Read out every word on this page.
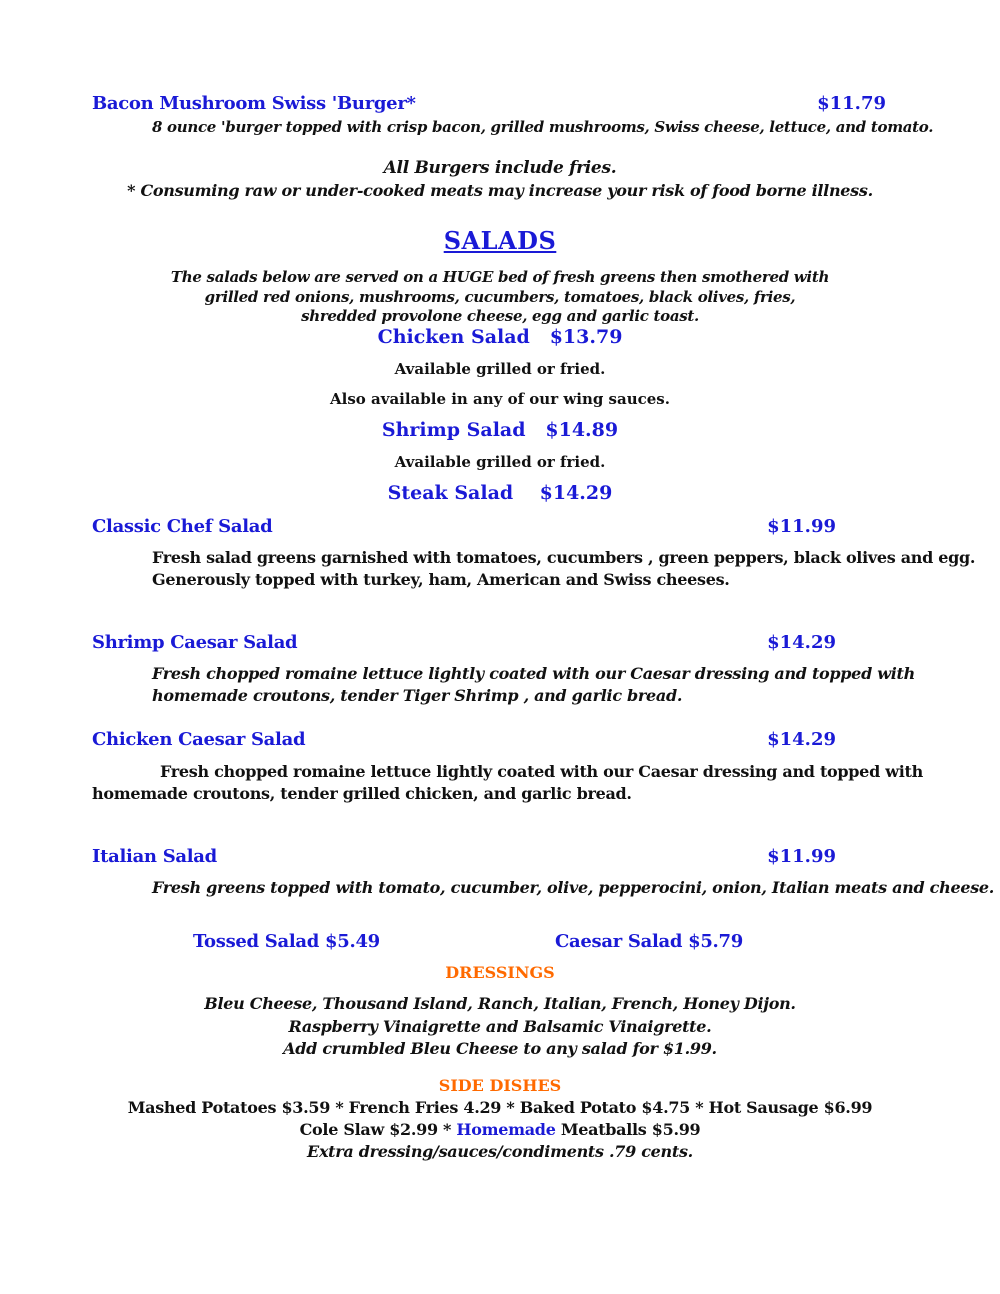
Bacon Mushroom Swiss 'Burger*	$11.79
8 ounce 'burger topped with crisp bacon, grilled mushrooms, Swiss cheese, lettuce, and tomato.
All Burgers include fries.
* Consuming raw or under-cooked meats may increase your risk of food borne illness.
SALADS
The salads below are served on a HUGE bed of fresh greens then smothered with
grilled red onions, mushrooms, cucumbers, tomatoes, black olives, fries,
shredded provolone cheese, egg and garlic toast.
Chicken Salad $13.79
Available grilled or fried.
Also available in any of our wing sauces.
Shrimp Salad $14.89
Available grilled or fried.
Steak Salad $14.29
Classic Chef Salad	$11.99
Fresh salad greens garnished with tomatoes, cucumbers , green peppers, black olives and egg.
Generously topped with turkey, ham, American and Swiss cheeses.
Shrimp Caesar Salad	$14.29
Fresh chopped romaine lettuce lightly coated with our Caesar dressing and topped with
homemade croutons, tender Tiger Shrimp , and garlic bread.
Chicken Caesar Salad	$14.29
Fresh chopped romaine lettuce lightly coated with our Caesar dressing and topped with
homemade croutons, tender grilled chicken, and garlic bread.
Italian Salad	$11.99
Fresh greens topped with tomato, cucumber, olive, pepperocini, onion, Italian meats and cheese.
Tossed Salad $5.49	Caesar Salad $5.79
DRESSINGS
Bleu Cheese, Thousand Island, Ranch, Italian, French, Honey Dijon.
Raspberry Vinaigrette and Balsamic Vinaigrette.
Add crumbled Bleu Cheese to any salad for $1.99.
SIDE DISHES
Mashed Potatoes $3.59 * French Fries 4.29 * Baked Potato $4.75 * Hot Sausage $6.99
Cole Slaw $2.99 * Homemade Meatballs $5.99
Extra dressing/sauces/condiments .79 cents.
